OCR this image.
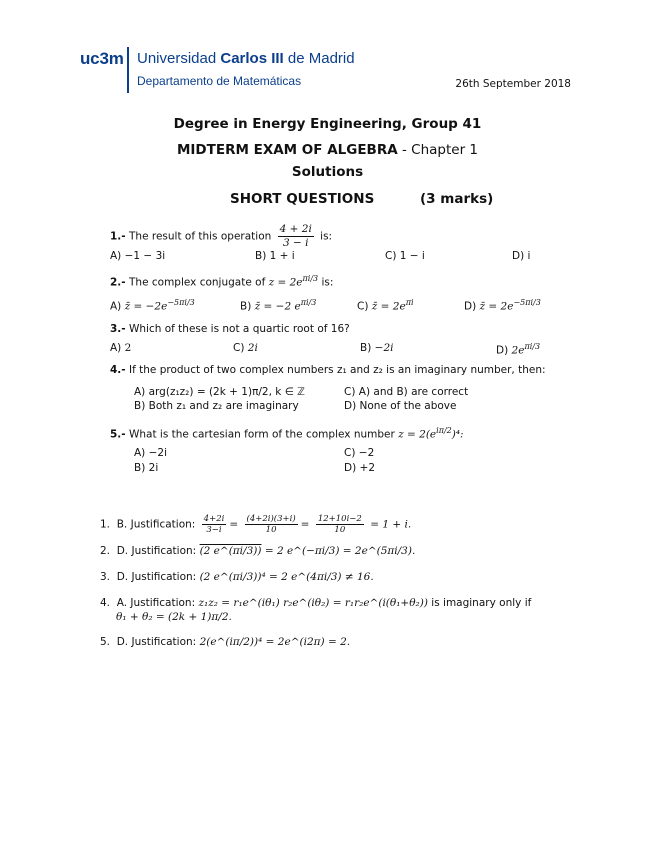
uc3m Universidad Carlos III de Madrid
Departamento de Matemáticas	26th September 2018
Degree in Energy Engineering, Group 41
MIDTERM EXAM OF ALGEBRA - Chapter 1
Solutions
SHORT QUESTIONS	(3 marks)
1.- The result of this operation $\frac{4 + 2i}{3 - i}$ is:
A) −1 − 3i	B) 1 + i	C) 1 − i	D) i
2.- The complex conjugate of $z = 2e^{\pi i/3}$ is:
A) z̄ = $-2e^{-5\pi i/3}$	B) z̄ = −2 $e^{\pi i/3}$	C) z̄ = $2e^{\pi i}$	D) z̄ = $2e^{-5\pi i/3}$
3.- Which of these is not a quartic root of 16?
A) 2	C) 2i	B) −2i	D) $2e^{\pi i/3}$
4.- If the product of two complex numbers z₁ and z₂ is an imaginary number, then:
A) arg(z₁z₂) = (2k + 1)π/2, k ∈ ℤ	C) A) and B) are correct
B) Both z₁ and z₂ are imaginary	D) None of the above
5.- What is the cartesian form of the complex number $z = 2(e^{i\pi/2})^4$:
A) −2i	C) −2
B) 2i	D) +2
1. B. Justification: $\frac{4+2i}{3-i} = \frac{(4+2i)(3+i)}{10} = \frac{12+10i-2}{10} = 1 + i$.
2. D. Justification: (2 e^(πi/3)) = 2 e^(−πi/3) = 2e^(5πi/3).
3. D. Justification: (2 e^(πi/3))⁴ = 2 e^(4πi/3) ≠ 16.
4. A. Justification: z₁z₂ = r₁e^(iθ₁) r₂e^(iθ₂) = r₁r₂e^(i(θ₁+θ₂)) is imaginary only if
θ₁ + θ₂ = (2k + 1)π/2.
5. D. Justification: 2(e^(iπ/2))⁴ = 2e^(i2π) = 2.
